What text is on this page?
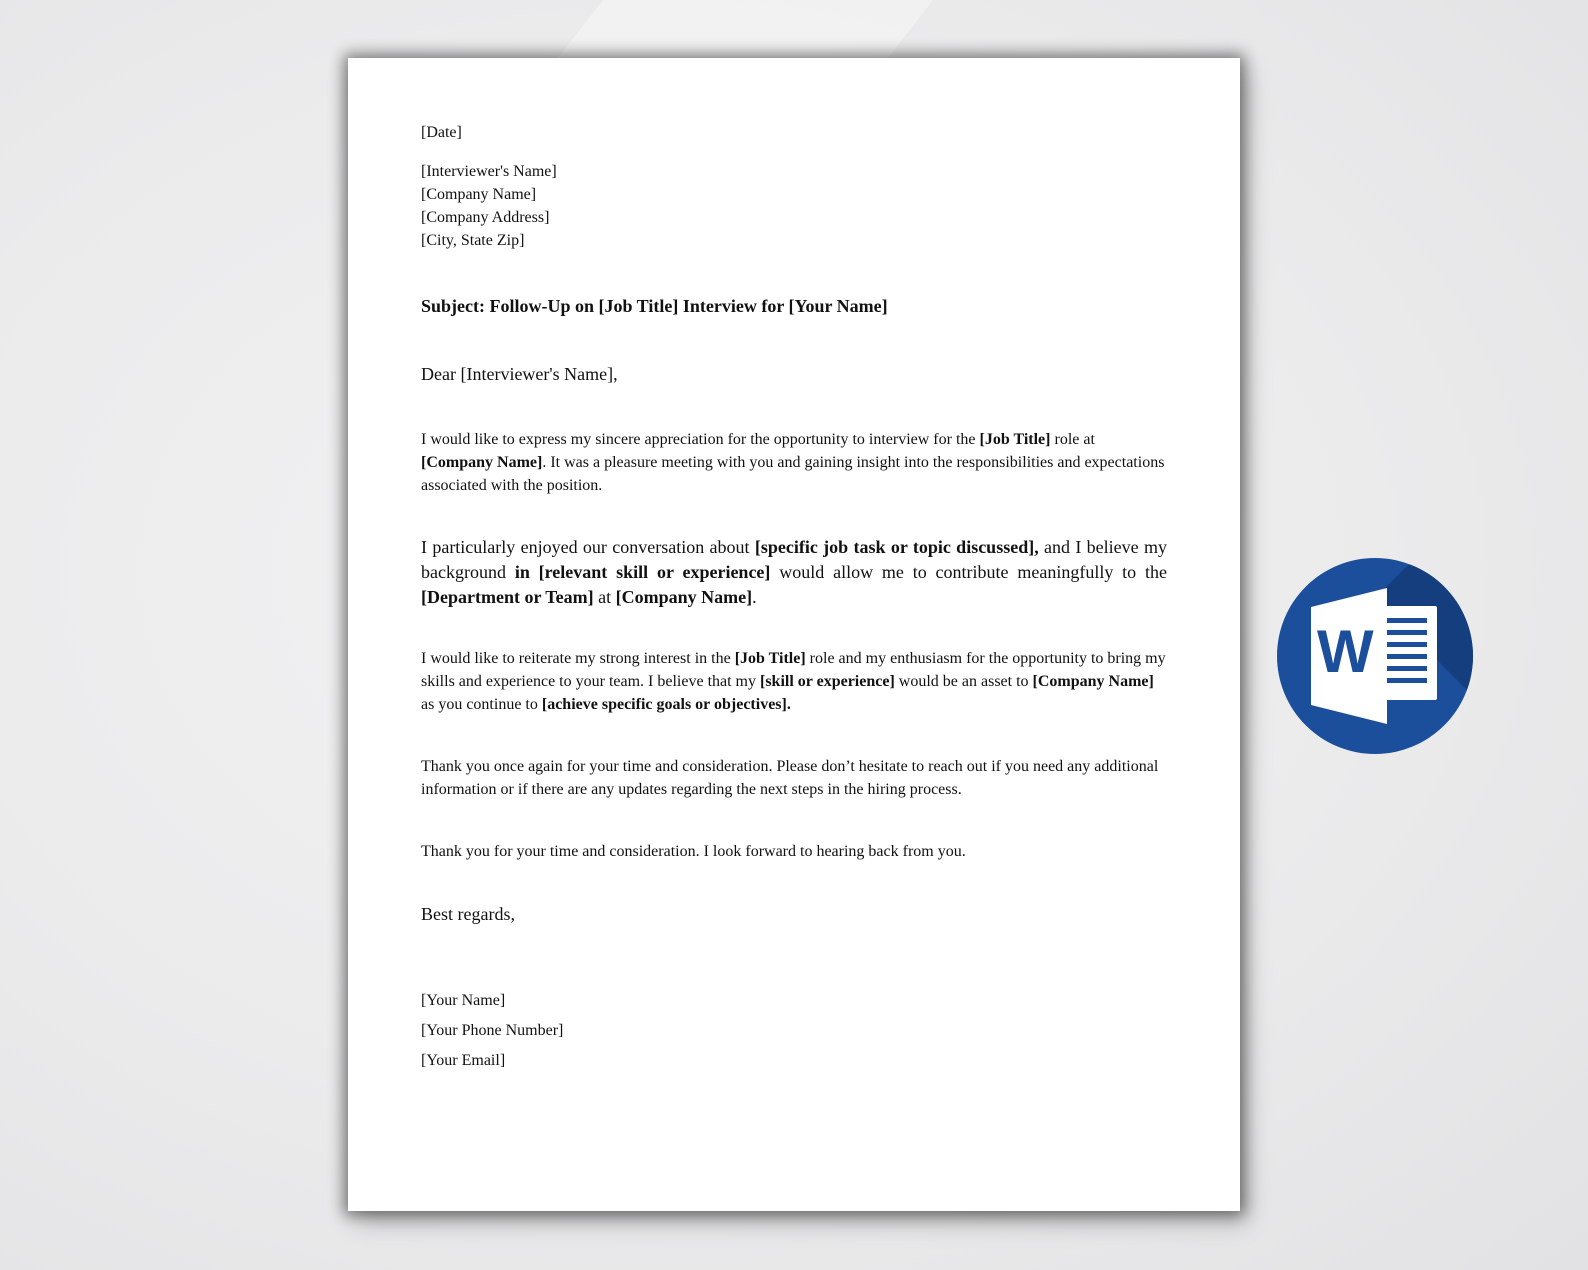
[Date]
[Interviewer's Name]
[Company Name]
[Company Address]
[City, State Zip]
Subject: Follow-Up on [Job Title] Interview for [Your Name]
Dear [Interviewer's Name],
I would like to express my sincere appreciation for the opportunity to interview for the [Job Title] role at [Company Name]. It was a pleasure meeting with you and gaining insight into the responsibilities and expectations associated with the position.
I particularly enjoyed our conversation about [specific job task or topic discussed], and I believe my background in [relevant skill or experience] would allow me to contribute meaningfully to the [Department or Team] at [Company Name].
I would like to reiterate my strong interest in the [Job Title] role and my enthusiasm for the opportunity to bring my skills and experience to your team. I believe that my [skill or experience] would be an asset to [Company Name] as you continue to [achieve specific goals or objectives].
Thank you once again for your time and consideration. Please don’t hesitate to reach out if you need any additional information or if there are any updates regarding the next steps in the hiring process.
Thank you for your time and consideration. I look forward to hearing back from you.
Best regards,
[Your Name]
[Your Phone Number]
[Your Email]
W
